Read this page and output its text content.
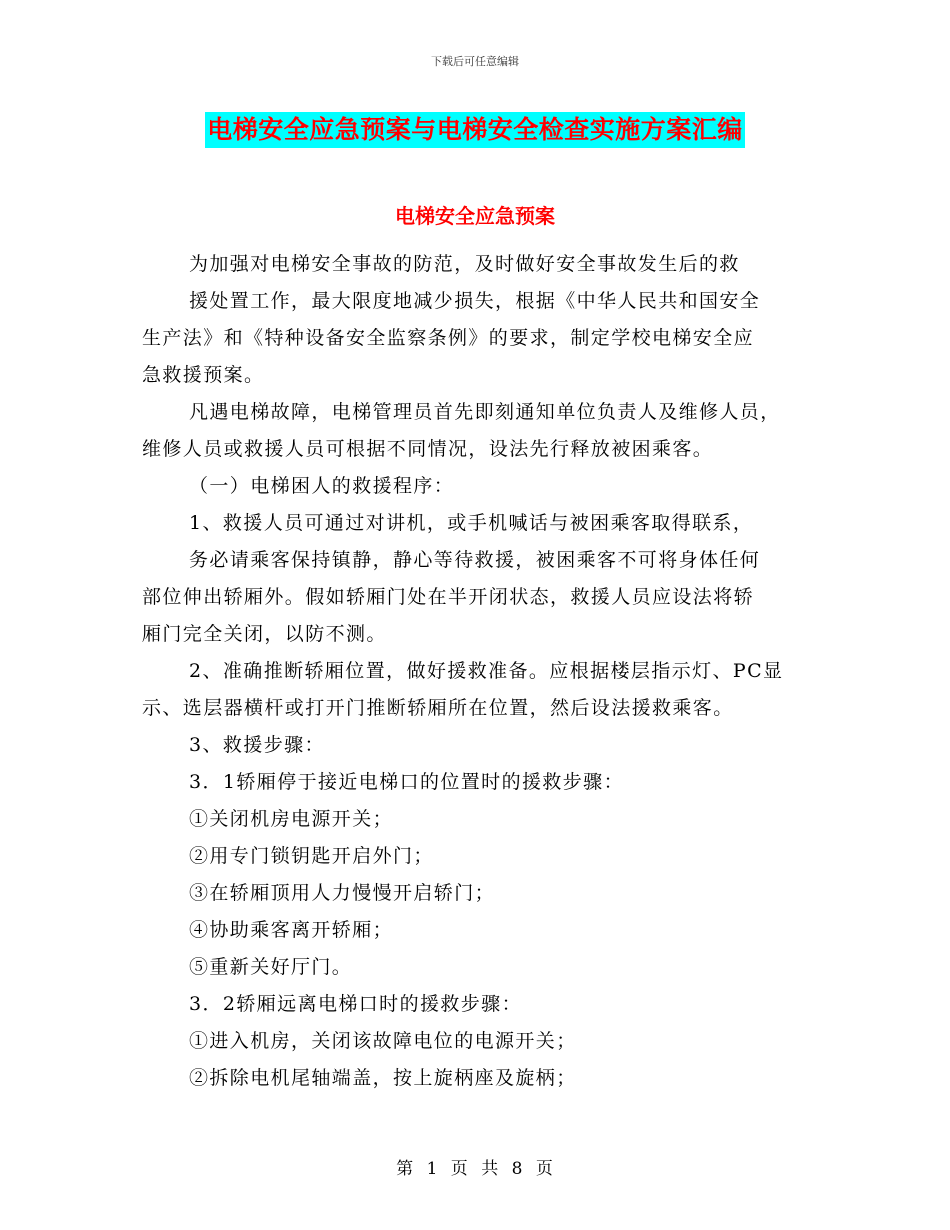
下载后可任意编辑
电梯安全应急预案与电梯安全检查实施方案汇编
电梯安全应急预案
为加强对电梯安全事故的防范，及时做好安全事故发生后的救
援处置工作，最大限度地减少损失，根据《中华人民共和国安全
生产法》和《特种设备安全监察条例》的要求，制定学校电梯安全应
急救援预案。
凡遇电梯故障，电梯管理员首先即刻通知单位负责人及维修人员，
维修人员或救援人员可根据不同情况，设法先行释放被困乘客。
（一）电梯困人的救援程序：
1、救援人员可通过对讲机，或手机喊话与被困乘客取得联系，
务必请乘客保持镇静，静心等待救援，被困乘客不可将身体任何
部位伸出轿厢外。假如轿厢门处在半开闭状态，救援人员应设法将轿
厢门完全关闭，以防不测。
2、准确推断轿厢位置，做好援救准备。应根据楼层指示灯、PC显
示、选层器横杆或打开门推断轿厢所在位置，然后设法援救乘客。
3、救援步骤：
3．1轿厢停于接近电梯口的位置时的援救步骤：
①关闭机房电源开关；
②用专门锁钥匙开启外门；
③在轿厢顶用人力慢慢开启轿门；
④协助乘客离开轿厢；
⑤重新关好厅门。
3．2轿厢远离电梯口时的援救步骤：
①进入机房，关闭该故障电位的电源开关；
②拆除电机尾轴端盖，按上旋柄座及旋柄；
第 1 页 共 8 页
